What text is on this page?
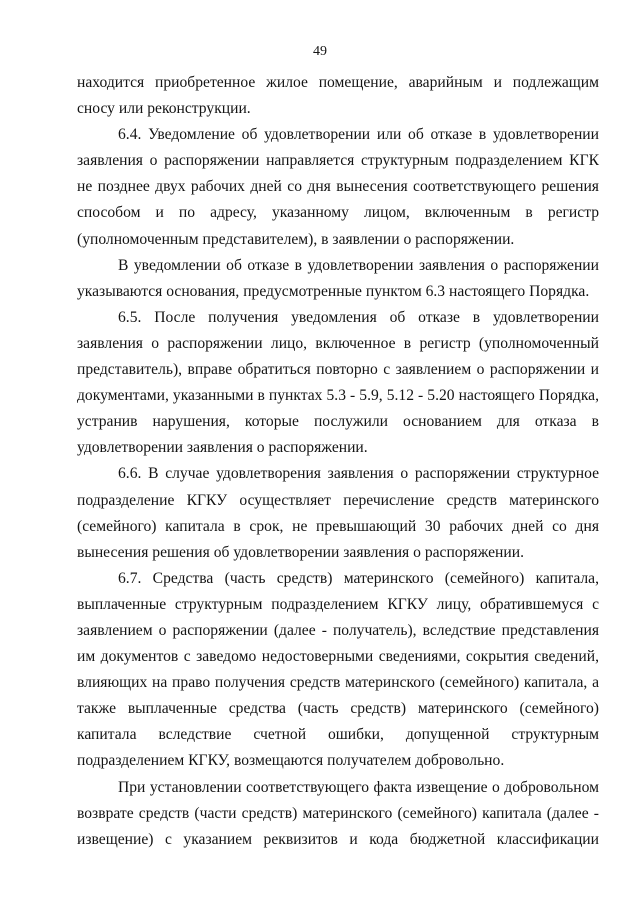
49

находится приобретенное жилое помещение, аварийным и подлежащим сносу или реконструкции.

6.4. Уведомление об удовлетворении или об отказе в удовлетворении заявления о распоряжении направляется структурным подразделением КГК не позднее двух рабочих дней со дня вынесения соответствующего решения способом и по адресу, указанному лицом, включенным в регистр (уполномоченным представителем), в заявлении о распоряжении.

В уведомлении об отказе в удовлетворении заявления о распоряжении указываются основания, предусмотренные пунктом 6.3 настоящего Порядка.

6.5. После получения уведомления об отказе в удовлетворении заявления о распоряжении лицо, включенное в регистр (уполномоченный представитель), вправе обратиться повторно с заявлением о распоряжении и документами, указанными в пунктах 5.3 - 5.9, 5.12 - 5.20 настоящего Порядка, устранив нарушения, которые послужили основанием для отказа в удовлетворении заявления о распоряжении.

6.6. В случае удовлетворения заявления о распоряжении структурное подразделение КГКУ осуществляет перечисление средств материнского (семейного) капитала в срок, не превышающий 30 рабочих дней со дня вынесения решения об удовлетворении заявления о распоряжении.

6.7. Средства (часть средств) материнского (семейного) капитала, выплаченные структурным подразделением КГКУ лицу, обратившемуся с заявлением о распоряжении (далее - получатель), вследствие представления им документов с заведомо недостоверными сведениями, сокрытия сведений, влияющих на право получения средств материнского (семейного) капитала, а также выплаченные средства (часть средств) материнского (семейного) капитала вследствие счетной ошибки, допущенной структурным подразделением КГКУ, возмещаются получателем добровольно.

При установлении соответствующего факта извещение о добровольном возврате средств (части средств) материнского (семейного) капитала (далее - извещение) с указанием реквизитов и кода бюджетной классификации
